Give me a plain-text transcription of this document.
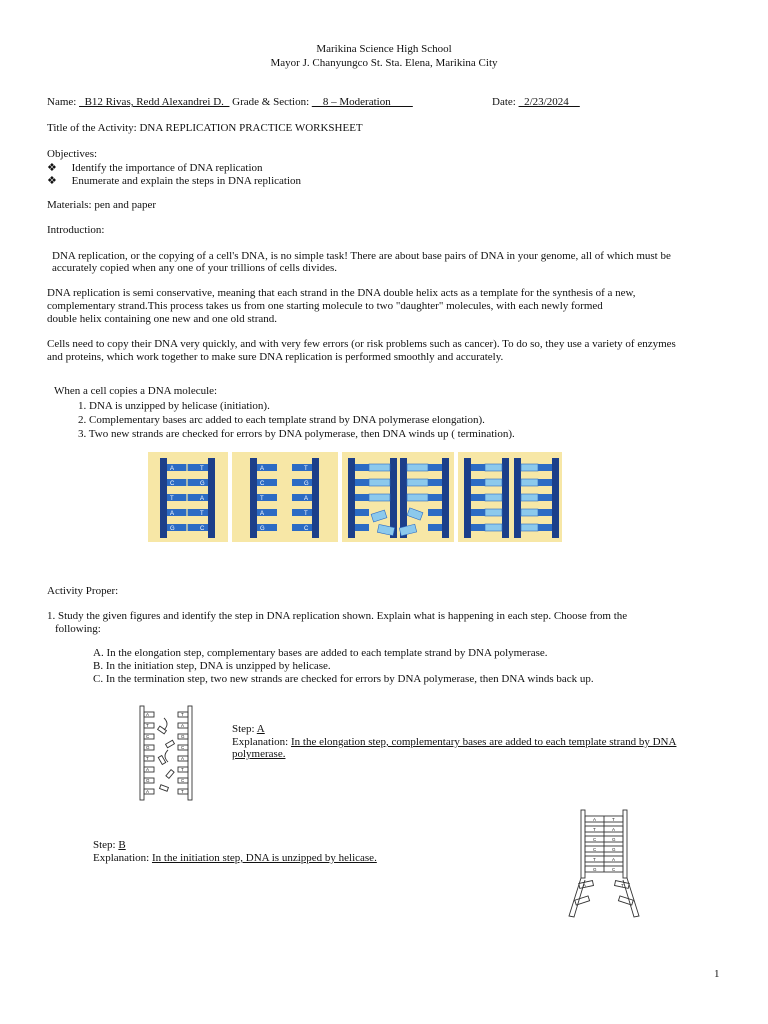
Marikina Science High School
Mayor J. Chanyungco St. Sta. Elena, Marikina City
Name: _B12 Rivas, Redd Alexandrei D._ Grade & Section: __8 – Moderation____	Date: _2/23/2024__
Title of the Activity: DNA REPLICATION PRACTICE WORKSHEET
Objectives:
❖ Identify the importance of DNA replication
❖ Enumerate and explain the steps in DNA replication
Materials: pen and paper
Introduction:
DNA replication, or the copying of a cell's DNA, is no simple task! There are about base pairs of DNA in your genome, all of which must be
accurately copied when any one of your trillions of cells divides.
DNA replication is semi conservative, meaning that each strand in the DNA double helix acts as a template for the synthesis of a new,
complementary strand.This process takes us from one starting molecule to two "daughter" molecules, with each newly formed
double helix containing one new and one old strand.
Cells need to copy their DNA very quickly, and with very few errors (or risk problems such as cancer). To do so, they use a variety of enzymes
and proteins, which work together to make sure DNA replication is performed smoothly and accurately.
When a cell copies a DNA molecule:
1. DNA is unzipped by helicase (initiation).
2. Complementary bases arc added to each template strand by DNA polymerase elongation).
3. Two new strands are checked for errors by DNA polymerase, then DNA winds up ( termination).
A	T
C	G
T	A
A	T
G	C
A	T
C	G
T	A
A	T
G	C
Activity Proper:
1. Study the given figures and identify the step in DNA replication shown. Explain what is happening in each step. Choose from the
following:
A. In the elongation step, complementary bases are added to each template strand by DNA polymerase.
B. In the initiation step, DNA is unzipped by helicase.
C. In the termination step, two new strands are checked for errors by DNA polymerase, then DNA winds back up.
A	T
T	A
C	G
G	C
T	A
A	T
G	C
A	T
Step: A
Explanation: In the elongation step, complementary bases are added to each template strand by DNA
polymerase.
Step: B
Explanation: In the initiation step, DNA is unzipped by helicase.
A	T
T	A
C	G
C	G
T	A
G	C
A	T
1
